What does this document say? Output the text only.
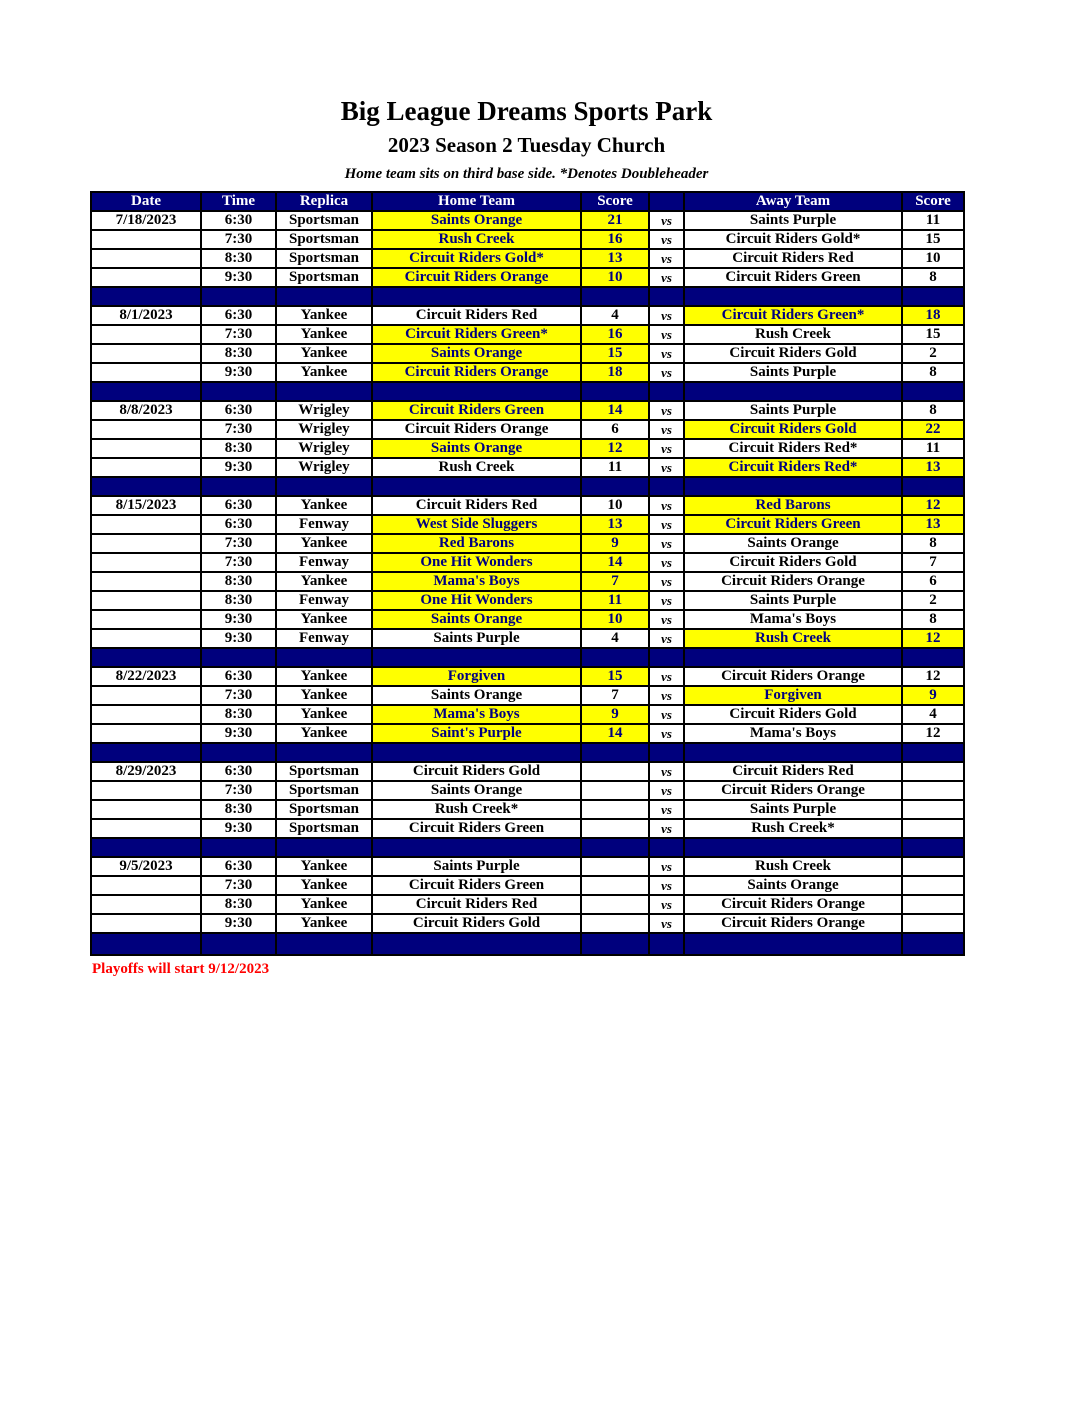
Big League Dreams Sports Park
2023 Season 2 Tuesday Church
Home team sits on third base side. *Denotes Doubleheader
Date	Time	Replica	Home Team	Score		Away Team	Score
7/18/2023	6:30	Sportsman	Saints Orange	21	vs	Saints Purple	11
	7:30	Sportsman	Rush Creek	16	vs	Circuit Riders Gold*	15
	8:30	Sportsman	Circuit Riders Gold*	13	vs	Circuit Riders Red	10
	9:30	Sportsman	Circuit Riders Orange	10	vs	Circuit Riders Green	8

8/1/2023	6:30	Yankee	Circuit Riders Red	4	vs	Circuit Riders Green*	18
	7:30	Yankee	Circuit Riders Green*	16	vs	Rush Creek	15
	8:30	Yankee	Saints Orange	15	vs	Circuit Riders Gold	2
	9:30	Yankee	Circuit Riders Orange	18	vs	Saints Purple	8

8/8/2023	6:30	Wrigley	Circuit Riders Green	14	vs	Saints Purple	8
	7:30	Wrigley	Circuit Riders Orange	6	vs	Circuit Riders Gold	22
	8:30	Wrigley	Saints Orange	12	vs	Circuit Riders Red*	11
	9:30	Wrigley	Rush Creek	11	vs	Circuit Riders Red*	13

8/15/2023	6:30	Yankee	Circuit Riders Red	10	vs	Red Barons	12
	6:30	Fenway	West Side Sluggers	13	vs	Circuit Riders Green	13
	7:30	Yankee	Red Barons	9	vs	Saints Orange	8
	7:30	Fenway	One Hit Wonders	14	vs	Circuit Riders Gold	7
	8:30	Yankee	Mama's Boys	7	vs	Circuit Riders Orange	6
	8:30	Fenway	One Hit Wonders	11	vs	Saints Purple	2
	9:30	Yankee	Saints Orange	10	vs	Mama's Boys	8
	9:30	Fenway	Saints Purple	4	vs	Rush Creek	12

8/22/2023	6:30	Yankee	Forgiven	15	vs	Circuit Riders Orange	12
	7:30	Yankee	Saints Orange	7	vs	Forgiven	9
	8:30	Yankee	Mama's Boys	9	vs	Circuit Riders Gold	4
	9:30	Yankee	Saint's Purple	14	vs	Mama's Boys	12

8/29/2023	6:30	Sportsman	Circuit Riders Gold		vs	Circuit Riders Red	
	7:30	Sportsman	Saints Orange		vs	Circuit Riders Orange	
	8:30	Sportsman	Rush Creek*		vs	Saints Purple	
	9:30	Sportsman	Circuit Riders Green		vs	Rush Creek*	

9/5/2023	6:30	Yankee	Saints Purple		vs	Rush Creek	
	7:30	Yankee	Circuit Riders Green		vs	Saints Orange	
	8:30	Yankee	Circuit Riders Red		vs	Circuit Riders Orange	
	9:30	Yankee	Circuit Riders Gold		vs	Circuit Riders Orange	

Playoffs will start 9/12/2023
